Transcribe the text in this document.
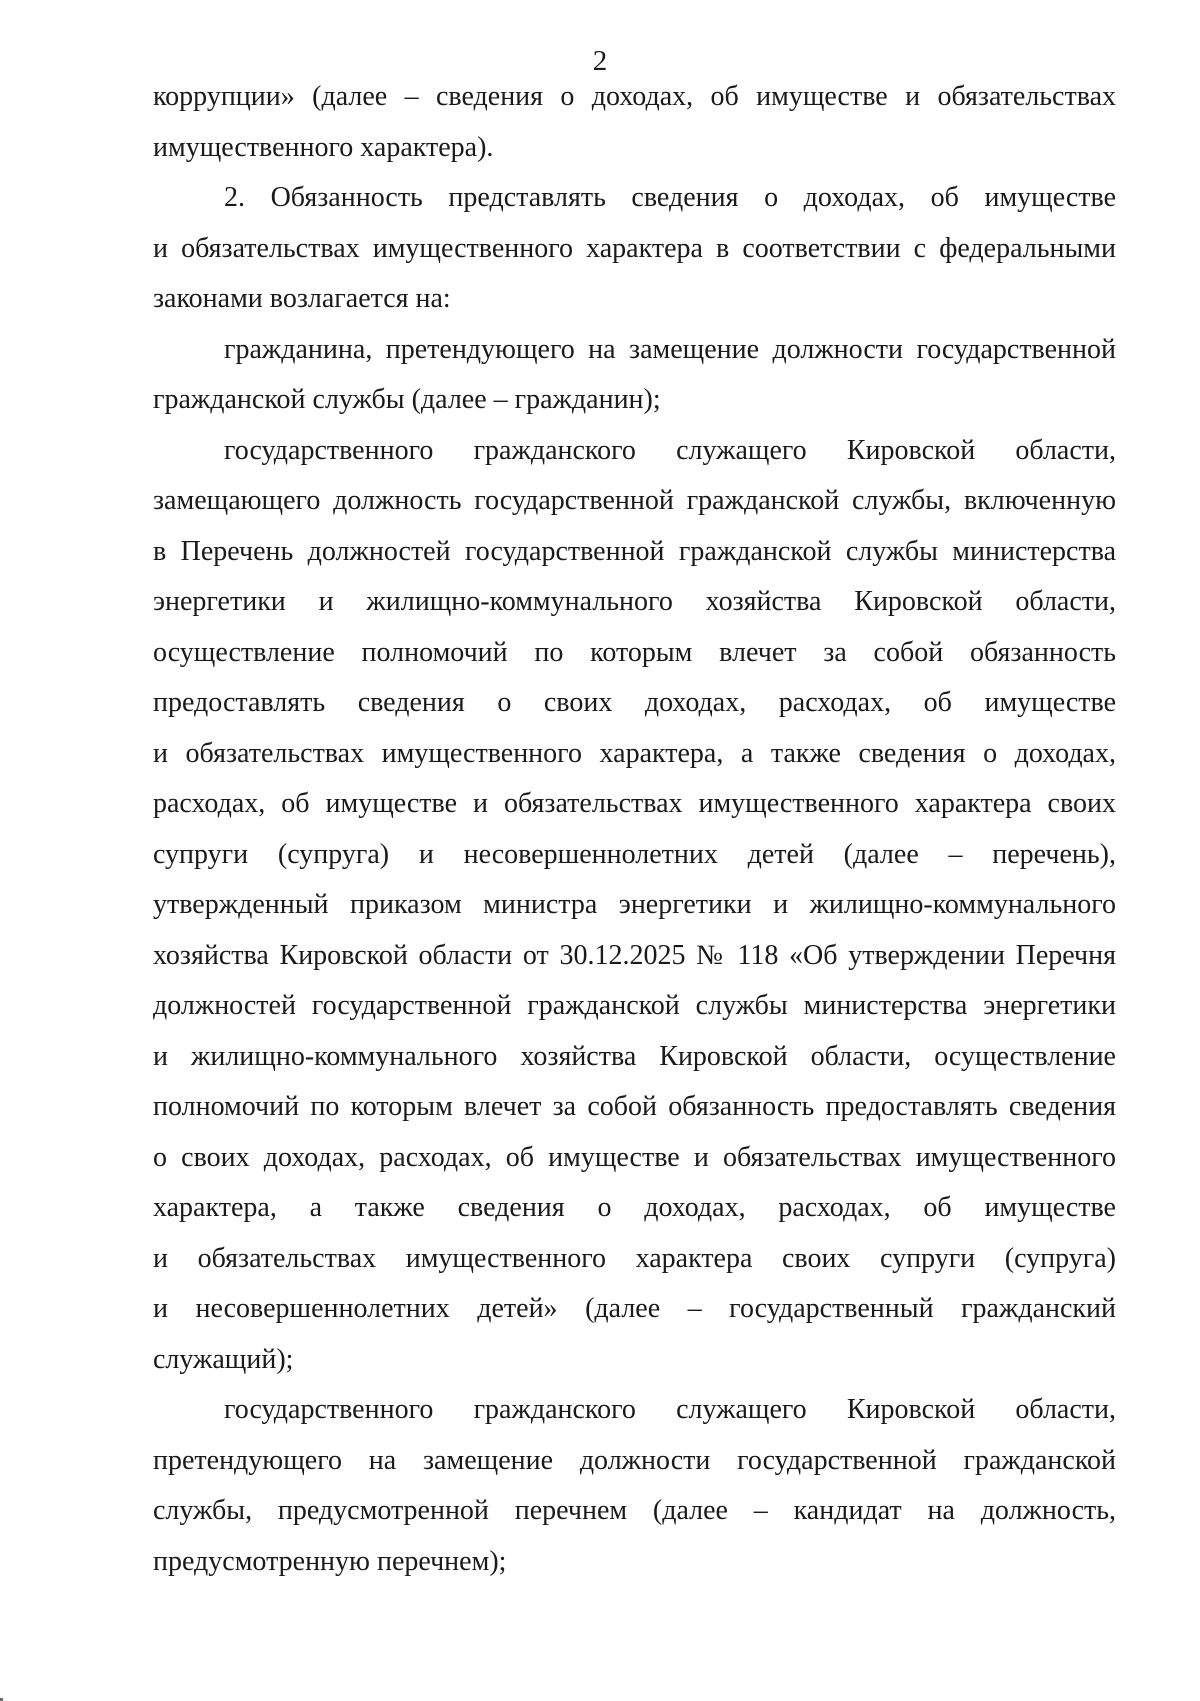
2
коррупции» (далее – сведения о доходах, об имуществе и обязательствах
имущественного характера).
2. Обязанность представлять сведения о доходах, об имуществе
и обязательствах имущественного характера в соответствии с федеральными
законами возлагается на:
гражданина, претендующего на замещение должности государственной
гражданской службы (далее – гражданин);
государственного гражданского служащего Кировской области,
замещающего должность государственной гражданской службы, включенную
в Перечень должностей государственной гражданской службы министерства
энергетики и жилищно-коммунального хозяйства Кировской области,
осуществление полномочий по которым влечет за собой обязанность
предоставлять сведения о своих доходах, расходах, об имуществе
и обязательствах имущественного характера, а также сведения о доходах,
расходах, об имуществе и обязательствах имущественного характера своих
супруги (супруга) и несовершеннолетних детей (далее – перечень),
утвержденный приказом министра энергетики и жилищно-коммунального
хозяйства Кировской области от 30.12.2025 № 118 «Об утверждении Перечня
должностей государственной гражданской службы министерства энергетики
и жилищно-коммунального хозяйства Кировской области, осуществление
полномочий по которым влечет за собой обязанность предоставлять сведения
о своих доходах, расходах, об имуществе и обязательствах имущественного
характера, а также сведения о доходах, расходах, об имуществе
и обязательствах имущественного характера своих супруги (супруга)
и несовершеннолетних детей» (далее – государственный гражданский
служащий);
государственного гражданского служащего Кировской области,
претендующего на замещение должности государственной гражданской
службы, предусмотренной перечнем (далее – кандидат на должность,
предусмотренную перечнем);
